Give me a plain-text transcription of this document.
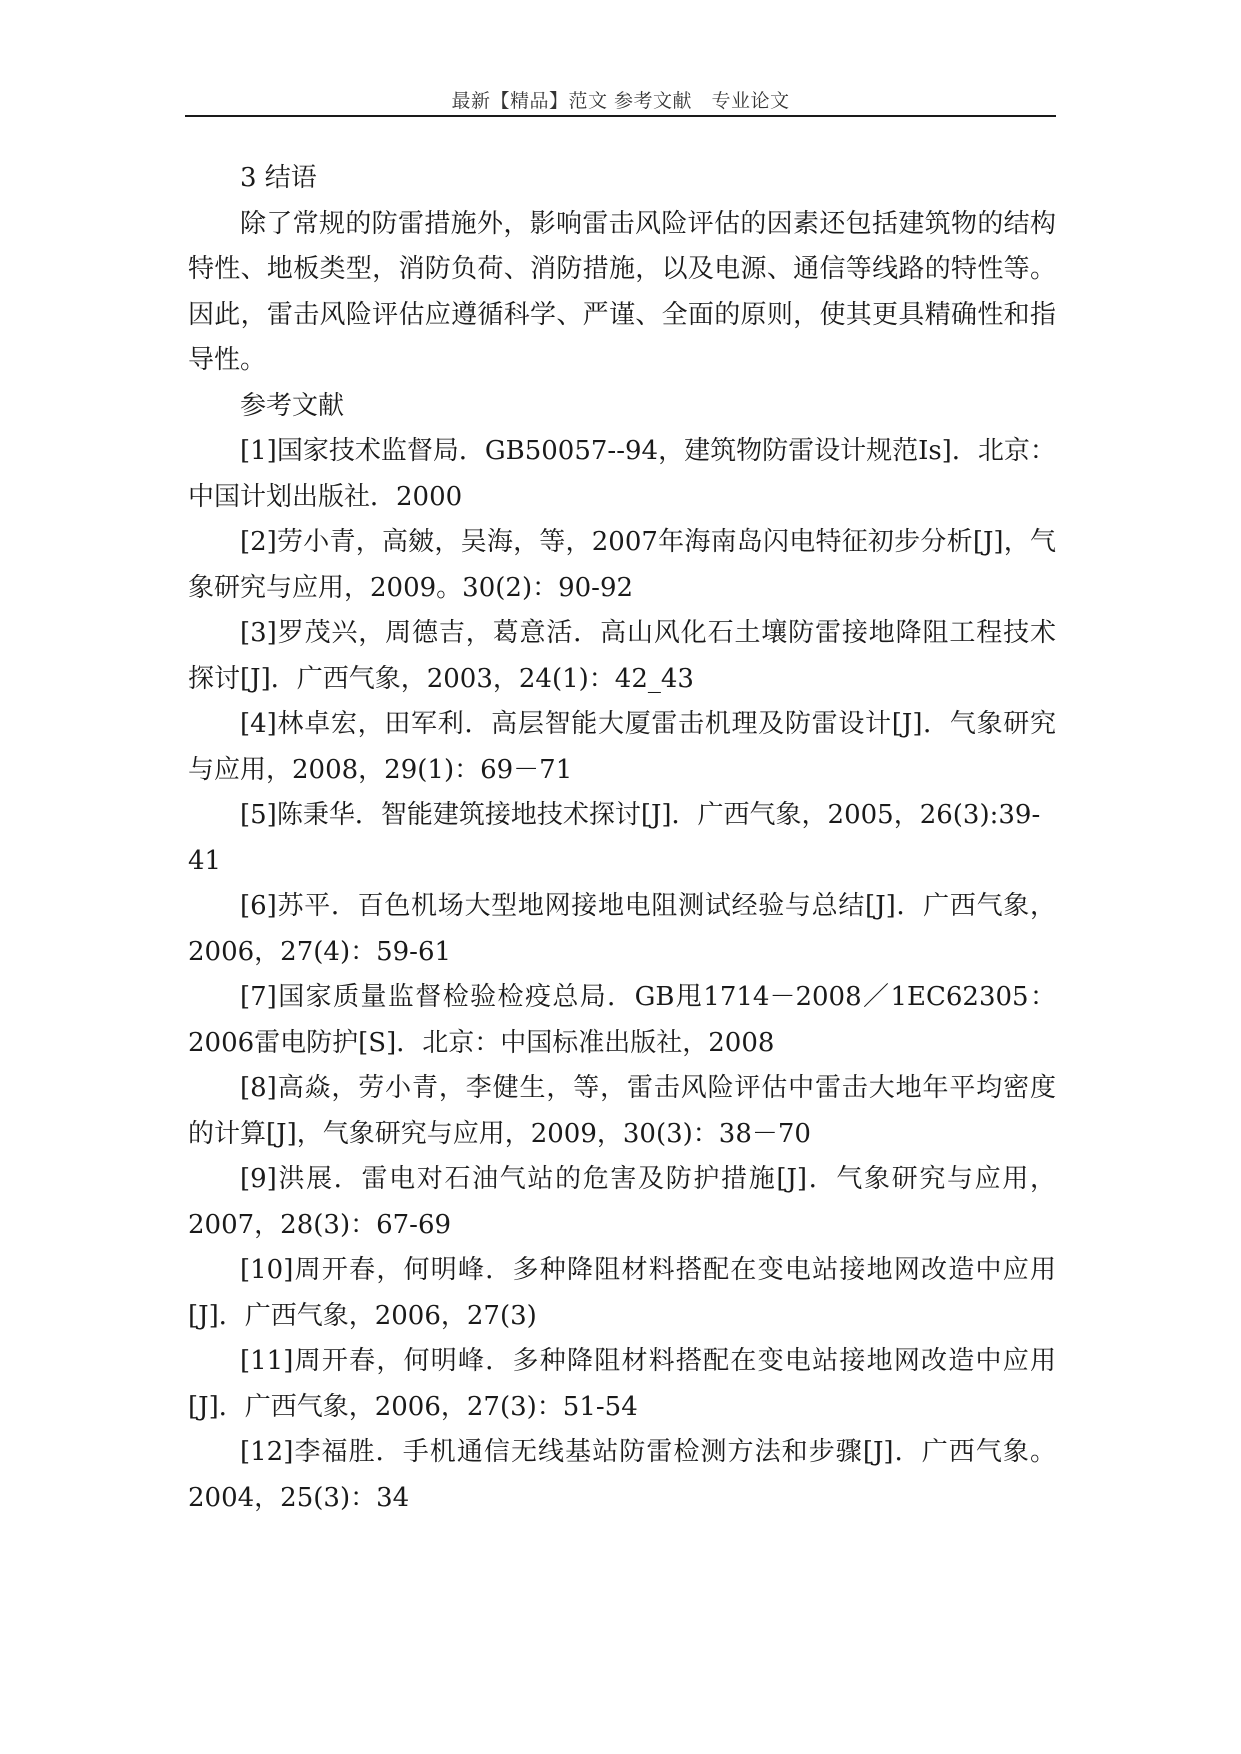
最新【精品】范文 参考文献　专业论文

3 结语

除了常规的防雷措施外，影响雷击风险评估的因素还包括建筑物的结构特性、地板类型，消防负荷、消防措施，以及电源、通信等线路的特性等。因此，雷击风险评估应遵循科学、严谨、全面的原则，使其更具精确性和指导性。

参考文献

[1]国家技术监督局．GB50057--94，建筑物防雷设计规范Is]．北京：中国计划出版社．2000

[2]劳小青，高皴，吴海，等，2007年海南岛闪电特征初步分析[J]，气象研究与应用，2009。30(2)：90-92

[3]罗茂兴，周德吉，葛意活．高山风化石土壤防雷接地降阻工程技术探讨[J]．广西气象，2003，24(1)：42_43

[4]林卓宏，田军利．高层智能大厦雷击机理及防雷设计[J]．气象研究与应用，2008，29(1)：69－71

[5]陈秉华．智能建筑接地技术探讨[J]．广西气象，2005，26(3):39-41

[6]苏平．百色机场大型地网接地电阻测试经验与总结[J]．广西气象，2006，27(4)：59-61

[7]国家质量监督检验检疫总局．GB甩1714－2008／1EC62305：2006雷电防护[S]．北京：中国标准出版社，2008

[8]高焱，劳小青，李健生，等，雷击风险评估中雷击大地年平均密度的计算[J]，气象研究与应用，2009，30(3)：38－70

[9]洪展．雷电对石油气站的危害及防护措施[J]．气象研究与应用，2007，28(3)：67-69

[10]周开春，何明峰．多种降阻材料搭配在变电站接地网改造中应用[J]．广西气象，2006，27(3)

[11]周开春，何明峰．多种降阻材料搭配在变电站接地网改造中应用[J]．广西气象，2006，27(3)：51-54

[12]李福胜．手机通信无线基站防雷检测方法和步骤[J]．广西气象。2004，25(3)：34
